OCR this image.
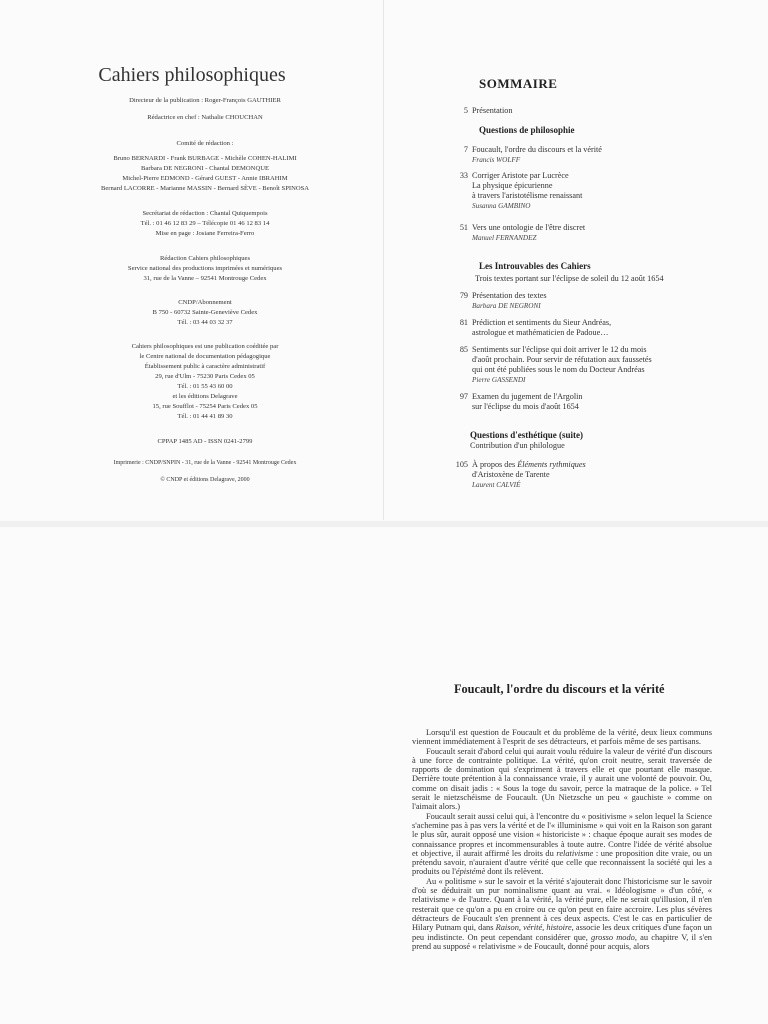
Cahiers philosophiques
Directeur de la publication : Roger-François GAUTHIER
Rédactrice en chef : Nathalie CHOUCHAN
Comité de rédaction :
Bruno BERNARDI - Frank BURBAGE - Michèle COHEN-HALIMI
Barbara DE NEGRONI - Chantal DEMONQUE
Michel-Pierre EDMOND - Gérard GUEST - Annie IBRAHIM
Bernard LACORRE - Marianne MASSIN - Bernard SÈVE - Benoît SPINOSA
Secrétariat de rédaction : Chantal Quiquempois
Tél. : 01 46 12 83 29 – Télécopie 01 46 12 83 14
Mise en page : Josiane Ferreira-Ferro
Rédaction Cahiers philosophiques
Service national des productions imprimées et numériques
31, rue de la Vanne – 92541 Montrouge Cedex
CNDP/Abonnement
B 750 - 60732 Sainte-Geneviève Cedex
Tél. : 03 44 03 32 37
Cahiers philosophiques est une publication coéditée par
le Centre national de documentation pédagogique
Établissement public à caractère administratif
29, rue d'Ulm - 75230 Paris Cedex 05
Tél. : 01 55 43 60 00
et les éditions Delagrave
15, rue Soufflot - 75254 Paris Cedex 05
Tél. : 01 44 41 89 30
CPPAP 1485 AD - ISSN 0241-2799
Imprimerie : CNDP/SNPIN - 31, rue de la Vanne - 92541 Montrouge Cedex
© CNDP et éditions Delagrave, 2000
SOMMAIRE
5 Présentation
Questions de philosophie
7 Foucault, l'ordre du discours et la vérité
Francis WOLFF
33 Corriger Aristote par Lucrèce
La physique épicurienne
à travers l'aristotélisme renaissant
Susanna GAMBINO
51 Vers une ontologie de l'être discret
Manuel FERNANDEZ
Les Introuvables des Cahiers
Trois textes portant sur l'éclipse de soleil du 12 août 1654
79 Présentation des textes
Barbara DE NEGRONI
81 Prédiction et sentiments du Sieur Andréas,
astrologue et mathématicien de Padoue…
85 Sentiments sur l'éclipse qui doit arriver le 12 du mois
d'août prochain. Pour servir de réfutation aux faussetés
qui ont été publiées sous le nom du Docteur Andréas
Pierre GASSENDI
97 Examen du jugement de l'Argolin
sur l'éclipse du mois d'août 1654
Questions d'esthétique (suite)
Contribution d'un philologue
105 À propos des Éléments rythmiques
d'Aristoxène de Tarente
Laurent CALVIÉ
Foucault, l'ordre du discours et la vérité

Lorsqu'il est question de Foucault et du problème de la vérité, deux lieux communs viennent immédiatement à l'esprit de ses détracteurs, et parfois même de ses partisans.

Foucault serait d'abord celui qui aurait voulu réduire la valeur de vérité d'un discours à une force de contrainte politique. La vérité, qu'on croit neutre, serait traversée de rapports de domination qui s'expriment à travers elle et que pourtant elle masque. Derrière toute prétention à la connaissance vraie, il y aurait une volonté de pouvoir. Ou, comme on disait jadis : « Sous la toge du savoir, perce la matraque de la police. » Tel serait le nietzschéisme de Foucault. (Un Nietzsche un peu « gauchiste » comme on l'aimait alors.)

Foucault serait aussi celui qui, à l'encontre du « positivisme » selon lequel la Science s'achemine pas à pas vers la vérité et de l'« illuminisme » qui voit en la Raison son garant le plus sûr, aurait opposé une vision « historiciste » : chaque époque aurait ses modes de connaissance propres et incommensurables à toute autre. Contre l'idée de vérité absolue et objective, il aurait affirmé les droits du relativisme : une proposition dite vraie, ou un prétendu savoir, n'auraient d'autre vérité que celle que reconnaissent la société qui les a produits ou l'épistémè dont ils relèvent.

Au « politisme » sur le savoir et la vérité s'ajouterait donc l'historicisme sur le savoir d'où se déduirait un pur nominalisme quant au vrai. « Idéologisme » d'un côté, « relativisme » de l'autre. Quant à la vérité, la vérité pure, elle ne serait qu'illusion, il n'en resterait que ce qu'on a pu en croire ou ce qu'on peut en faire accroire. Les plus sévères détracteurs de Foucault s'en prennent à ces deux aspects. C'est le cas en particulier de Hilary Putnam qui, dans Raison, vérité, histoire, associe les deux critiques d'une façon un peu indistincte. On peut cependant considérer que, grosso modo, au chapitre V, il s'en prend au supposé « relativisme » de Foucault, donné pour acquis, alors
